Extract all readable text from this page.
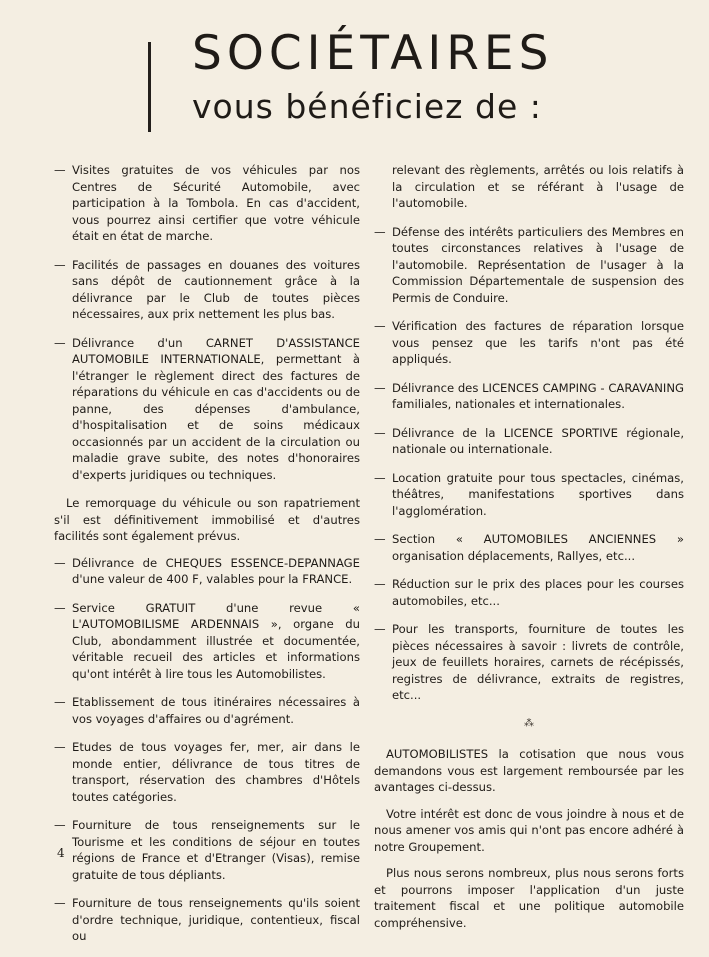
SOCIÉTAIRES
vous bénéficiez de :
— Visites gratuites de vos véhicules par nos Centres de Sécurité Automobile, avec participation à la Tombola. En cas d'accident, vous pourrez ainsi certifier que votre véhicule était en état de marche.
— Facilités de passages en douanes des voitures sans dépôt de cautionnement grâce à la délivrance par le Club de toutes pièces nécessaires, aux prix nettement les plus bas.
— Délivrance d'un CARNET D'ASSISTANCE AUTOMOBILE INTERNATIONALE, permettant à l'étranger le règlement direct des factures de réparations du véhicule en cas d'accidents ou de panne, des dépenses d'ambulance, d'hospitalisation et de soins médicaux occasionnés par un accident de la circulation ou maladie grave subite, des notes d'honoraires d'experts juridiques ou techniques.

Le remorquage du véhicule ou son rapatriement s'il est définitivement immobilisé et d'autres facilités sont également prévus.

— Délivrance de CHEQUES ESSENCE-DEPANNAGE d'une valeur de 400 F, valables pour la FRANCE.
— Service GRATUIT d'une revue « L'AUTOMOBILISME ARDENNAIS », organe du Club, abondamment illustrée et documentée, véritable recueil des articles et informations qu'ont intérêt à lire tous les Automobilistes.
— Etablissement de tous itinéraires nécessaires à vos voyages d'affaires ou d'agrément.
— Etudes de tous voyages fer, mer, air dans le monde entier, délivrance de tous titres de transport, réservation des chambres d'Hôtels toutes catégories.
— Fourniture de tous renseignements sur le Tourisme et les conditions de séjour en toutes régions de France et d'Etranger (Visas), remise gratuite de tous dépliants.
— Fourniture de tous renseignements qu'ils soient d'ordre technique, juridique, contentieux, fiscal ou
relevant des règlements, arrêtés ou lois relatifs à la circulation et se référant à l'usage de l'automobile.
— Défense des intérêts particuliers des Membres en toutes circonstances relatives à l'usage de l'automobile. Représentation de l'usager à la Commission Départementale de suspension des Permis de Conduire.
— Vérification des factures de réparation lorsque vous pensez que les tarifs n'ont pas été appliqués.
— Délivrance des LICENCES CAMPING - CARAVANING familiales, nationales et internationales.
— Délivrance de la LICENCE SPORTIVE régionale, nationale ou internationale.
— Location gratuite pour tous spectacles, cinémas, théâtres, manifestations sportives dans l'agglomération.
— Section « AUTOMOBILES ANCIENNES » organisation déplacements, Rallyes, etc...
— Réduction sur le prix des places pour les courses automobiles, etc...
— Pour les transports, fourniture de toutes les pièces nécessaires à savoir : livrets de contrôle, jeux de feuillets horaires, carnets de récépissés, registres de délivrance, extraits de registres, etc...
⁂

AUTOMOBILISTES la cotisation que nous vous demandons vous est largement remboursée par les avantages ci-dessus.

Votre intérêt est donc de vous joindre à nous et de nous amener vos amis qui n'ont pas encore adhéré à notre Groupement.

Plus nous serons nombreux, plus nous serons forts et pourrons imposer l'application d'un juste traitement fiscal et une politique automobile compréhensive.

4
